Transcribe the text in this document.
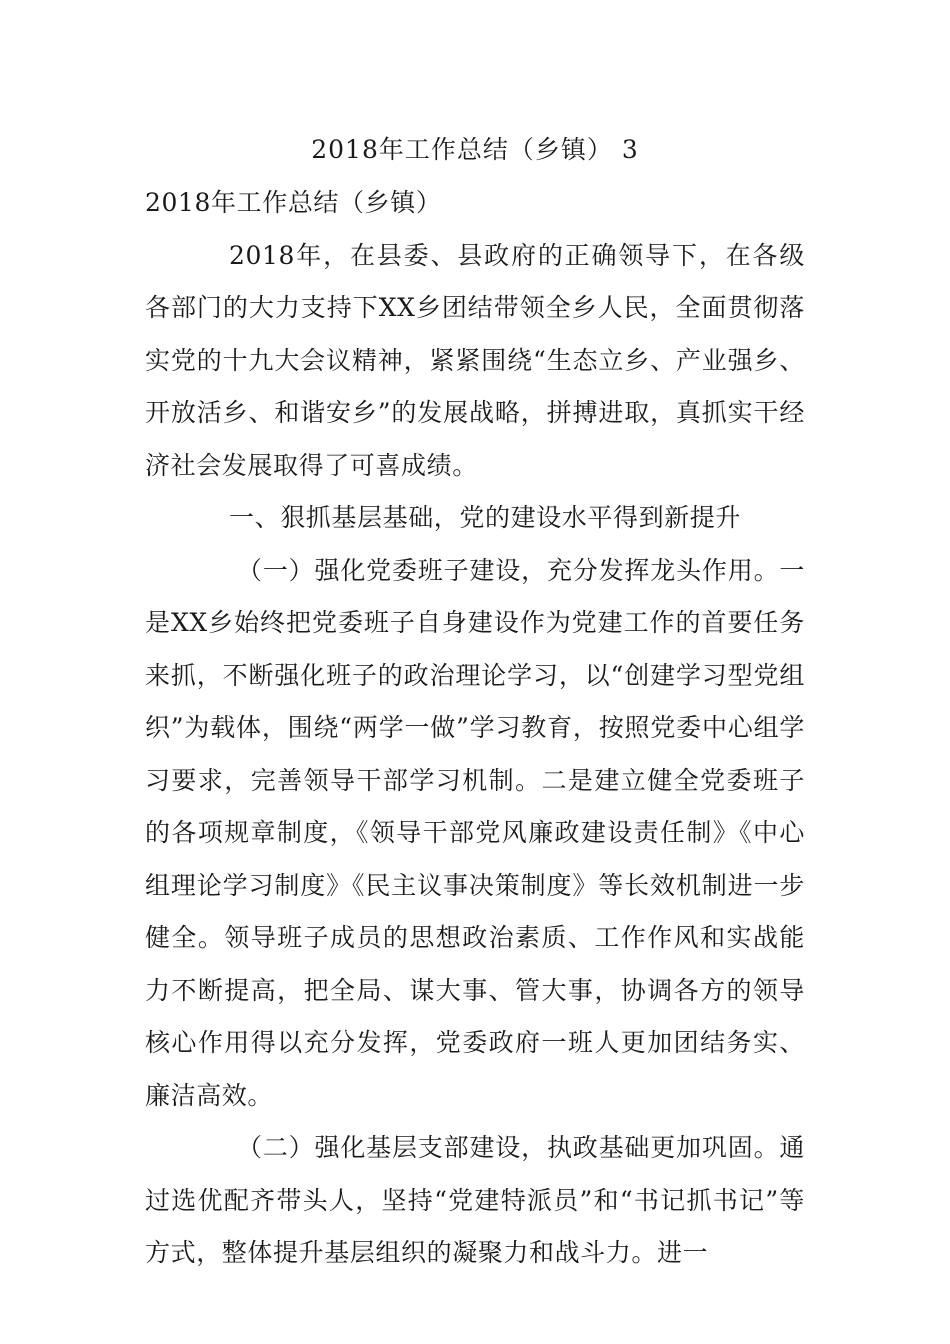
2018年工作总结（乡镇） 3

2018年工作总结（乡镇）

2018年，在县委、县政府的正确领导下，在各级各部门的大力支持下XX乡团结带领全乡人民，全面贯彻落实党的十九大会议精神，紧紧围绕“生态立乡、产业强乡、开放活乡、和谐安乡”的发展战略，拼搏进取，真抓实干经济社会发展取得了可喜成绩。

一、狠抓基层基础，党的建设水平得到新提升

（一）强化党委班子建设，充分发挥龙头作用。一是XX乡始终把党委班子自身建设作为党建工作的首要任务来抓，不断强化班子的政治理论学习，以“创建学习型党组织”为载体，围绕“两学一做”学习教育，按照党委中心组学习要求，完善领导干部学习机制。二是建立健全党委班子的各项规章制度，《领导干部党风廉政建设责任制》《中心组理论学习制度》《民主议事决策制度》等长效机制进一步健全。领导班子成员的思想政治素质、工作作风和实战能力不断提高，把全局、谋大事、管大事，协调各方的领导核心作用得以充分发挥，党委政府一班人更加团结务实、廉洁高效。

（二）强化基层支部建设，执政基础更加巩固。通过选优配齐带头人，坚持“党建特派员”和“书记抓书记”等方式，整体提升基层组织的凝聚力和战斗力。进一
